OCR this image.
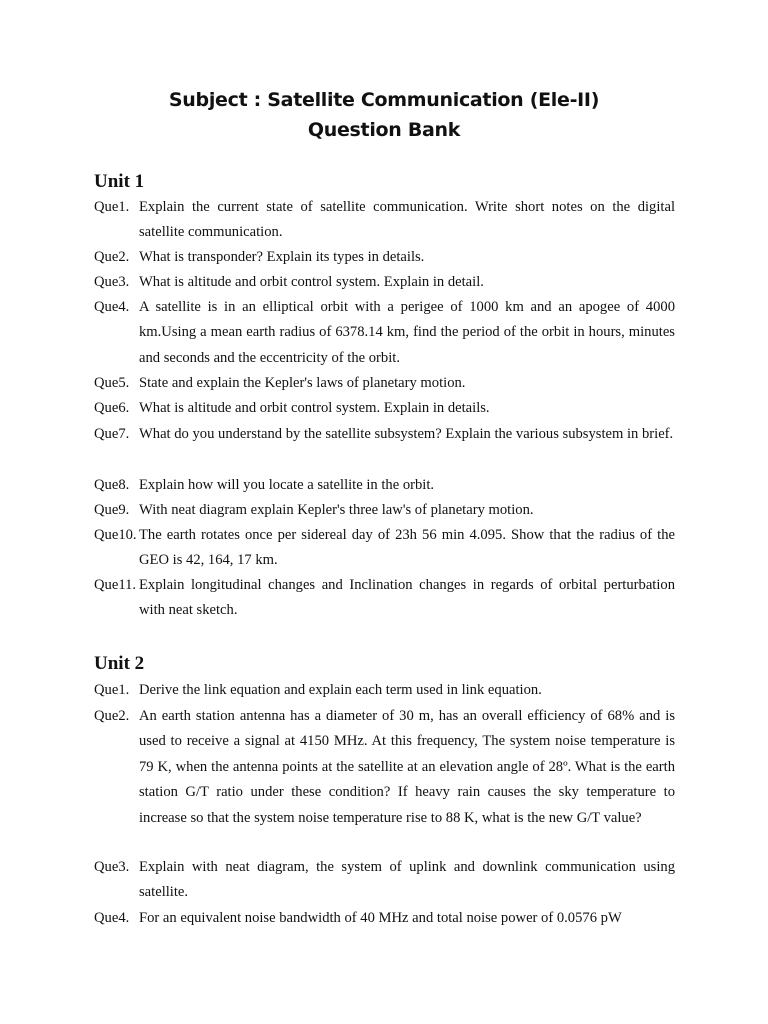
Subject : Satellite Communication (Ele-II)
Question Bank
Unit 1
Que1. Explain the current state of satellite communication. Write short notes on the digital satellite communication.
Que2. What is transponder? Explain its types in details.
Que3. What is altitude and orbit control system. Explain in detail.
Que4. A satellite is in an elliptical orbit with a perigee of 1000 km and an apogee of 4000 km.Using a mean earth radius of 6378.14 km, find the period of the orbit in hours, minutes and seconds and the eccentricity of the orbit.
Que5. State and explain the Kepler's laws of planetary motion.
Que6. What is altitude and orbit control system. Explain in details.
Que7. What do you understand by the satellite subsystem? Explain the various subsystem in brief.
Que8. Explain how will you locate a satellite in the orbit.
Que9. With neat diagram explain Kepler's three law's of planetary motion.
Que10. The earth rotates once per sidereal day of 23h 56 min 4.095. Show that the radius of the GEO is 42, 164, 17 km.
Que11. Explain longitudinal changes and Inclination changes in regards of orbital perturbation with neat sketch.
Unit 2
Que1. Derive the link equation and explain each term used in link equation.
Que2. An earth station antenna has a diameter of 30 m, has an overall efficiency of 68% and is used to receive a signal at 4150 MHz. At this frequency, The system noise temperature is 79 K, when the antenna points at the satellite at an elevation angle of 28º. What is the earth station G/T ratio under these condition? If heavy rain causes the sky temperature to increase so that the system noise temperature rise to 88 K, what is the new G/T value?
Que3. Explain with neat diagram, the system of uplink and downlink communication using satellite.
Que4. For an equivalent noise bandwidth of 40 MHz and total noise power of 0.0576 pW
